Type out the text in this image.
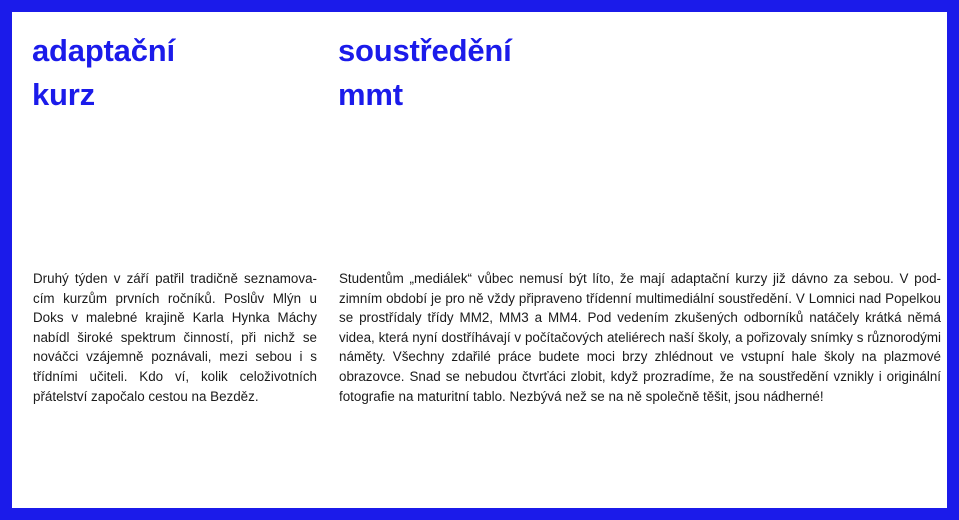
adaptační
kurz
soustředění
mmt

Druhý týden v září patřil tradičně seznamovacím kurzům prvních ročníků. Poslův Mlýn u Doks v malebné krajině Karla Hynka Máchy nabídl široké spektrum činností, při nichž se nováčci vzájemně poznávali, mezi sebou i s třídními učiteli. Kdo ví, kolik celoživotních přátelství započalo cestou na Bezděz.

Studentům „mediálek“ vůbec nemusí být líto, že mají adaptační kurzy již dávno za sebou. V podzimním období je pro ně vždy připraveno třídenní multimediální soustředění. V Lomnici nad Popelkou se prostřídaly třídy MM2, MM3 a MM4. Pod vedením zkušených odborníků natáčely krátká němá videa, která nyní dostříhávají v počítačových ateliérech naší školy, a pořizovaly snímky s různorodými náměty. Všechny zdařilé práce budete moci brzy zhlédnout ve vstupní hale školy na plazmové obrazovce. Snad se nebudou čtvrťáci zlobit, když prozradíme, že na soustředění vznikly i originální fotografie na maturitní tablo. Nezbývá než se na ně společně těšit, jsou nádherné!
